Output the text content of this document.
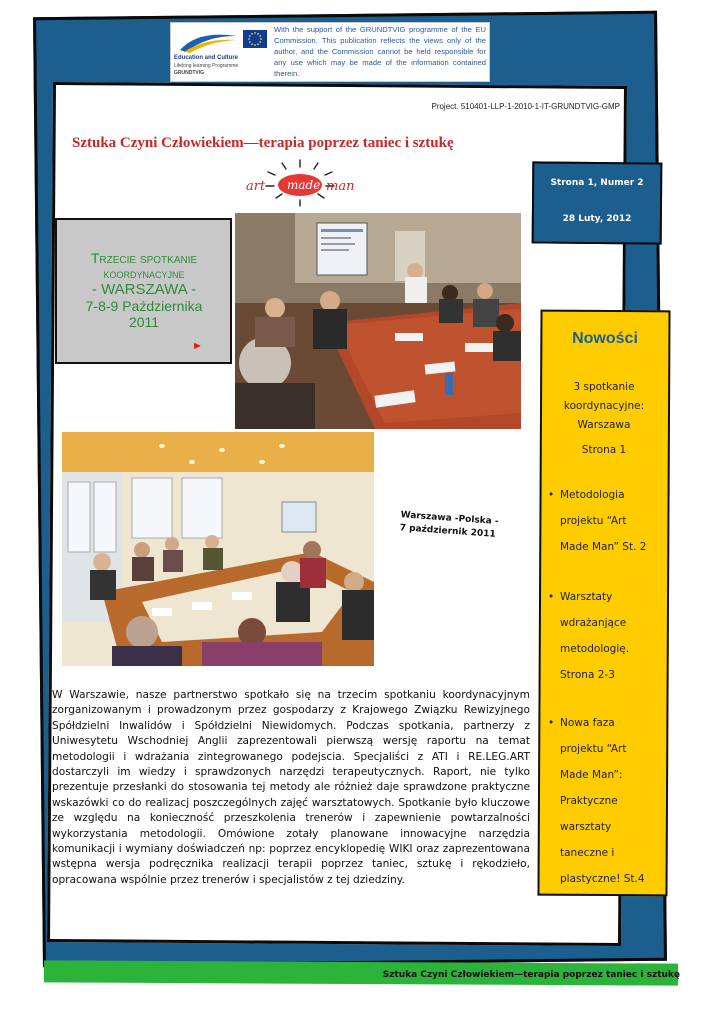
Sztuka Czyni Człowiekiem—terapia poprzez taniec i sztukę
Education and Culture
Lifelong learning Programme
GRUNDTVIG
With the support of the GRUNDTVIG programme of the EU Commission. This publication reflects the views only of the author, and the Commission cannot be held responsible for any use which may be made of the information contained therein.
Project. 510401-LLP-1-2010-1-IT-GRUNDTVIG-GMP
Sztuka Czyni Człowiekiem—terapia poprzez taniec i sztukę
art made man	Strona 1, Numer 2
28 Luty, 2012
Trzecie spotkanie
koordynacyjne
- WARSZAWA -
7-8-9 Października
2011
►
Warszawa -Polska -
7 październik 2011
Nowości
3 spotkanie
koordynacyjne:
Warszawa
Strona 1
• Metodologia
projektu “Art
Made Man” St. 2
• Warsztaty
wdrażanjące
metodologię.
Strona 2-3
• Nowa faza
projektu “Art
Made Man”:
Praktyczne
warsztaty
taneczne i
plastyczne! St.4
W Warszawie, nasze partnerstwo spotkało się na trzecim spotkaniu koordynacyjnym zorganizowanym i prowadzonym przez gospodarzy z Krajowego Związku Rewizyjnego Spółdzielni Inwalidów i Spółdzielni Niewidomych. Podczas spotkania, partnerzy z Uniwesytetu Wschodniej Anglii zaprezentowali pierwszą wersję raportu na temat metodologii i wdrażania zintegrowanego podejscia. Specjaliści z ATI i RE.LEG.ART dostarczyli im wiedzy i sprawdzonych narzędzi terapeutycznych. Raport, nie tylko prezentuje przesłanki do stosowania tej metody ale różnież daje sprawdzone praktyczne wskazówki co do realizacj poszczególnych zajęć warsztatowych. Spotkanie było kluczowe ze względu na konieczność przeszkolenia trenerów i zapewnienie powtarzalności wykorzystania metodologii. Omówione zotały planowane innowacyjne narzędzia komunikacji i wymiany doświadczeń np: poprzez encyklopedię WIKI oraz zaprezentowana wstępna wersja podręcznika realizacji terapii poprzez taniec, sztukę i rękodzieło, opracowana wspólnie przez trenerów i specjalistów z tej dziedziny.
